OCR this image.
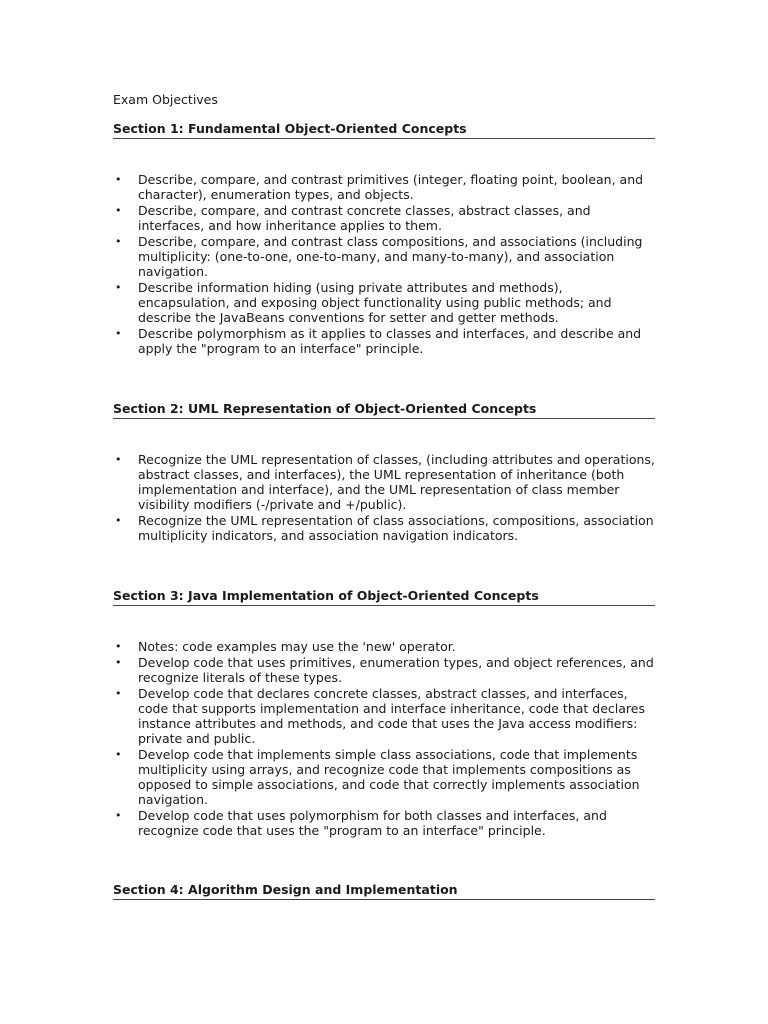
Exam Objectives
Section 1: Fundamental Object-Oriented Concepts
• Describe, compare, and contrast primitives (integer, floating point, boolean, and character), enumeration types, and objects.
• Describe, compare, and contrast concrete classes, abstract classes, and interfaces, and how inheritance applies to them.
• Describe, compare, and contrast class compositions, and associations (including multiplicity: (one-to-one, one-to-many, and many-to-many), and association navigation.
• Describe information hiding (using private attributes and methods), encapsulation, and exposing object functionality using public methods; and describe the JavaBeans conventions for setter and getter methods.
• Describe polymorphism as it applies to classes and interfaces, and describe and apply the "program to an interface" principle.
Section 2: UML Representation of Object-Oriented Concepts
• Recognize the UML representation of classes, (including attributes and operations, abstract classes, and interfaces), the UML representation of inheritance (both implementation and interface), and the UML representation of class member visibility modifiers (-/private and +/public).
• Recognize the UML representation of class associations, compositions, association multiplicity indicators, and association navigation indicators.
Section 3: Java Implementation of Object-Oriented Concepts
• Notes: code examples may use the 'new' operator.
• Develop code that uses primitives, enumeration types, and object references, and recognize literals of these types.
• Develop code that declares concrete classes, abstract classes, and interfaces, code that supports implementation and interface inheritance, code that declares instance attributes and methods, and code that uses the Java access modifiers: private and public.
• Develop code that implements simple class associations, code that implements multiplicity using arrays, and recognize code that implements compositions as opposed to simple associations, and code that correctly implements association navigation.
• Develop code that uses polymorphism for both classes and interfaces, and recognize code that uses the "program to an interface" principle.
Section 4: Algorithm Design and Implementation
